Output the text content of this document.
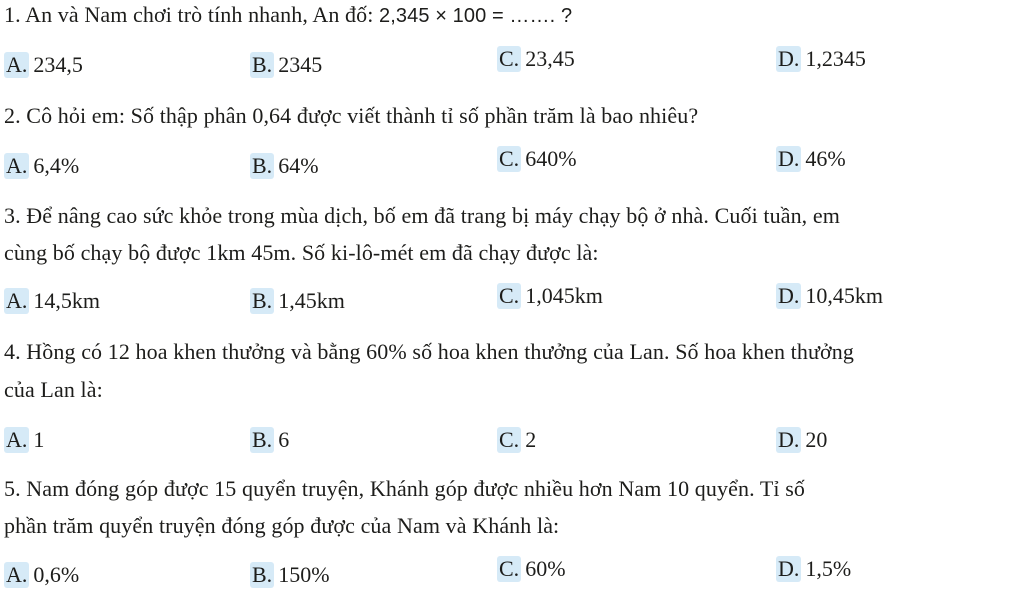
1. An và Nam chơi trò tính nhanh, An đố: 2,345 × 100 = ……. ?
A. 234,5	B. 2345	C. 23,45	D. 1,2345
2. Cô hỏi em: Số thập phân 0,64 được viết thành tỉ số phần trăm là bao nhiêu?
A. 6,4%	B. 64%	C. 640%	D. 46%
3. Để nâng cao sức khỏe trong mùa dịch, bố em đã trang bị máy chạy bộ ở nhà. Cuối tuần, em
cùng bố chạy bộ được 1km 45m. Số ki-lô-mét em đã chạy được là:
A. 14,5km	B. 1,45km	C. 1,045km	D. 10,45km
4. Hồng có 12 hoa khen thưởng và bằng 60% số hoa khen thưởng của Lan. Số hoa khen thưởng
của Lan là:
A. 1	B. 6	C. 2	D. 20
5. Nam đóng góp được 15 quyển truyện, Khánh góp được nhiều hơn Nam 10 quyển. Tỉ số
phần trăm quyển truyện đóng góp được của Nam và Khánh là:
A. 0,6%	B. 150%	C. 60%	D. 1,5%
